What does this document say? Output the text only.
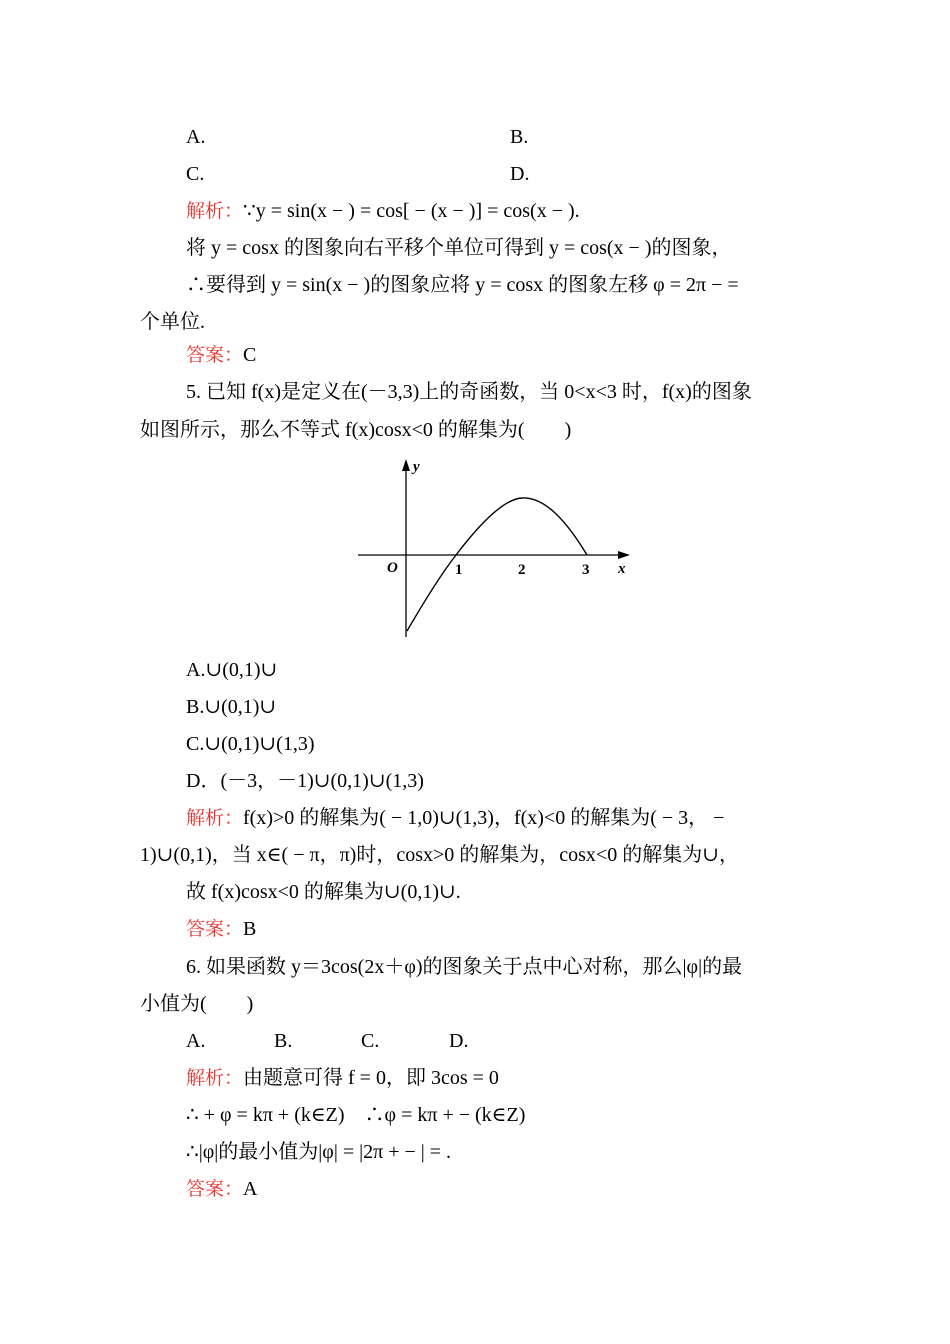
A.	B.
C.	D.
解析：∵y = sin(x − ) = cos[ − (x − )] = cos(x − ).
将 y = cosx 的图象向右平移个单位可得到 y = cos(x − )的图象，
∴要得到 y = sin(x − )的图象应将 y = cosx 的图象左移 φ = 2π − =
个单位.
答案：C
5. 已知 f(x)是定义在(－3,3)上的奇函数，当 0<x<3 时，f(x)的图象
如图所示，那么不等式 f(x)cosx<0 的解集为(　　)
y
x
O	1	2	3
A.∪(0,1)∪
B.∪(0,1)∪
C.∪(0,1)∪(1,3)
D．(－3，－1)∪(0,1)∪(1,3)
解析：f(x)>0 的解集为( − 1,0)∪(1,3)，f(x)<0 的解集为( − 3， −
1)∪(0,1)，当 x∈( − π，π)时，cosx>0 的解集为，cosx<0 的解集为∪，
故 f(x)cosx<0 的解集为∪(0,1)∪.
答案：B
6. 如果函数 y＝3cos(2x＋φ)的图象关于点中心对称，那么|φ|的最
小值为(　　)
A.	B.	C.	D.
解析：由题意可得 f = 0，即 3cos = 0
∴ + φ = kπ + (k∈Z)　∴φ = kπ + − (k∈Z)
∴|φ|的最小值为|φ| = |2π + − | = .
答案：A
